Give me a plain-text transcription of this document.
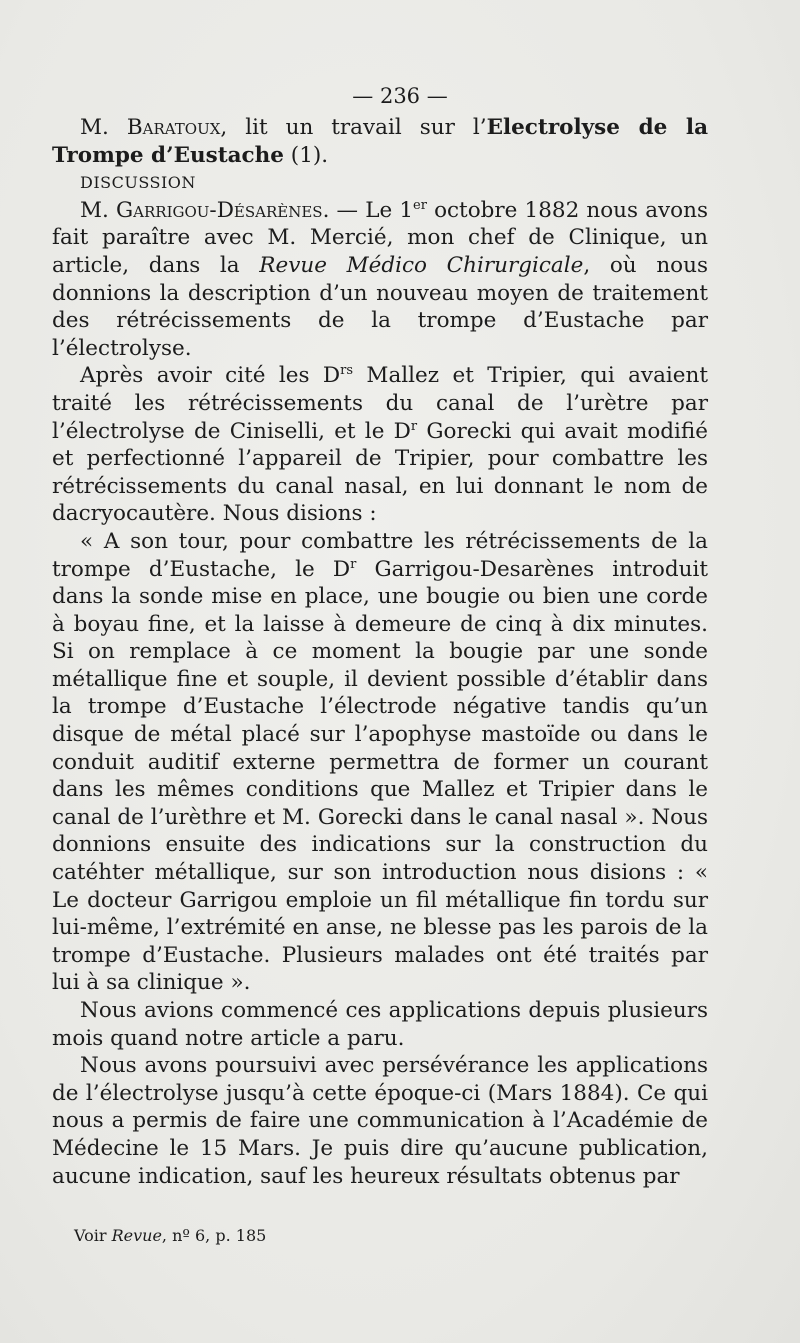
— 236 —

M. Baratoux, lit un travail sur l’Electrolyse de la Trompe d’Eustache (1).

DISCUSSION

M. Garrigou-Désarènes. — Le 1er octobre 1882 nous avons fait paraître avec M. Mercié, mon chef de Clinique, un article, dans la Revue Médico Chirurgicale, où nous donnions la description d’un nouveau moyen de traitement des rétrécissements de la trompe d’Eustache par l’électrolyse.

Après avoir cité les $D^{rs}$ Mallez et Tripier, qui avaient traité les rétrécissements du canal de l’urètre par l’électrolyse de Ciniselli, et le $D^r$ Gorecki qui avait modifié et perfectionné l’appareil de Tripier, pour combattre les rétrécissements du canal nasal, en lui donnant le nom de dacryocautère. Nous disions :

« A son tour, pour combattre les rétrécissements de la trompe d’Eustache, le $D^r$ Garrigou-Desarènes introduit dans la sonde mise en place, une bougie ou bien une corde à boyau fine, et la laisse à demeure de cinq à dix minutes. Si on remplace à ce moment la bougie par une sonde métallique fine et souple, il devient possible d’établir dans la trompe d’Eustache l’électrode négative tandis qu’un disque de métal placé sur l’apophyse mastoïde ou dans le conduit auditif externe permettra de former un courant dans les mêmes conditions que Mallez et Tripier dans le canal de l’urèthre et M. Gorecki dans le canal nasal ». Nous donnions ensuite des indications sur la construction du catéhter métallique, sur son introduction nous disions : « Le docteur Garrigou emploie un fil métallique fin tordu sur lui-même, l’extrémité en anse, ne blesse pas les parois de la trompe d’Eustache. Plusieurs malades ont été traités par lui à sa clinique ».

Nous avions commencé ces applications depuis plusieurs mois quand notre article a paru.

Nous avons poursuivi avec persévérance les applications de l’électrolyse jusqu’à cette époque-ci (Mars 1884). Ce qui nous a permis de faire une communication à l’Académie de Médecine le 15 Mars. Je puis dire qu’aucune publication, aucune indication, sauf les heureux résultats obtenus par

Voir Revue, nº 6, p. 185
